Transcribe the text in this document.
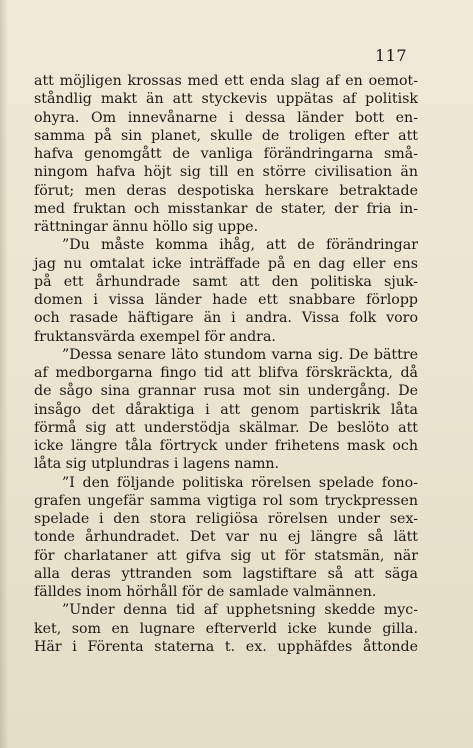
117
att möjligen krossas med ett enda slag af en oemot-
ståndlig makt än att styckevis uppätas af politisk
ohyra. Om innevånarne i dessa länder bott en-
samma på sin planet, skulle de troligen efter att
hafva genomgått de vanliga förändringarna små-
ningom hafva höjt sig till en större civilisation än
förut; men deras despotiska herskare betraktade
med fruktan och misstankar de stater, der fria in-
rättningar ännu höllo sig uppe.
”Du måste komma ihåg, att de förändringar
jag nu omtalat icke inträffade på en dag eller ens
på ett århundrade samt att den politiska sjuk-
domen i vissa länder hade ett snabbare förlopp
och rasade häftigare än i andra. Vissa folk voro
fruktansvärda exempel för andra.
”Dessa senare läto stundom varna sig. De bättre
af medborgarna fingo tid att blifva förskräckta, då
de sågo sina grannar rusa mot sin undergång. De
insågo det dåraktiga i att genom partiskrik låta
förmå sig att understödja skälmar. De beslöto att
icke längre tåla förtryck under frihetens mask och
låta sig utplundras i lagens namn.
”I den följande politiska rörelsen spelade fono-
grafen ungefär samma vigtiga rol som tryckpressen
spelade i den stora religiösa rörelsen under sex-
tonde århundradet. Det var nu ej längre så lätt
för charlataner att gifva sig ut för statsmän, när
alla deras yttranden som lagstiftare så att säga
fälldes inom hörhåll för de samlade valmännen.
”Under denna tid af upphetsning skedde myc-
ket, som en lugnare efterverld icke kunde gilla.
Här i Förenta staterna t. ex. upphäfdes åttonde
